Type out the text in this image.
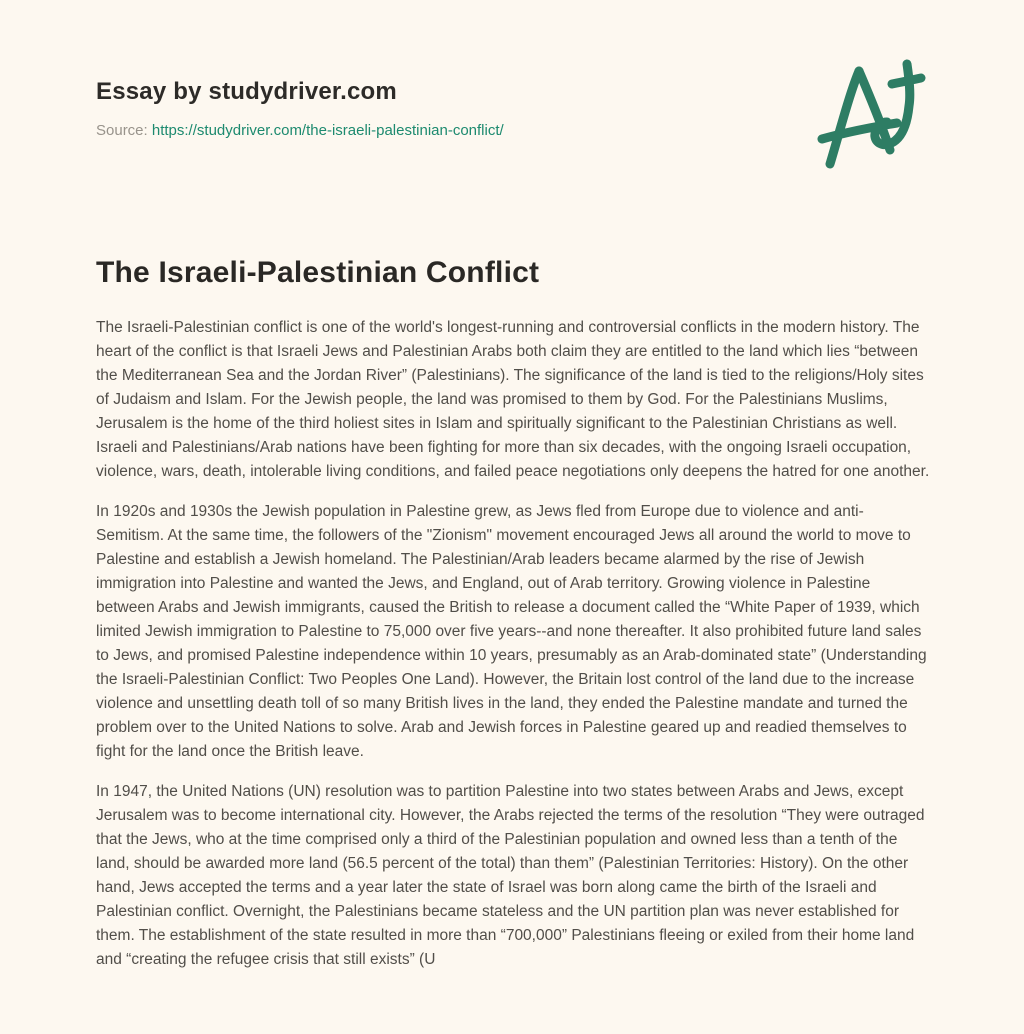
Essay by studydriver.com
Source: https://studydriver.com/the-israeli-palestinian-conflict/
The Israeli-Palestinian Conflict

The Israeli-Palestinian conflict is one of the world's longest-running and controversial conflicts in the modern history. The heart of the conflict is that Israeli Jews and Palestinian Arabs both claim they are entitled to the land which lies “between the Mediterranean Sea and the Jordan River” (Palestinians). The significance of the land is tied to the religions/Holy sites of Judaism and Islam. For the Jewish people, the land was promised to them by God. For the Palestinians Muslims, Jerusalem is the home of the third holiest sites in Islam and spiritually significant to the Palestinian Christians as well. Israeli and Palestinians/Arab nations have been fighting for more than six decades, with the ongoing Israeli occupation, violence, wars, death, intolerable living conditions, and failed peace negotiations only deepens the hatred for one another.

In 1920s and 1930s the Jewish population in Palestine grew, as Jews fled from Europe due to violence and anti-Semitism. At the same time, the followers of the "Zionism" movement encouraged Jews all around the world to move to Palestine and establish a Jewish homeland. The Palestinian/Arab leaders became alarmed by the rise of Jewish immigration into Palestine and wanted the Jews, and England, out of Arab territory. Growing violence in Palestine between Arabs and Jewish immigrants, caused the British to release a document called the “White Paper of 1939, which limited Jewish immigration to Palestine to 75,000 over five years--and none thereafter. It also prohibited future land sales to Jews, and promised Palestine independence within 10 years, presumably as an Arab-dominated state” (Understanding the Israeli-Palestinian Conflict: Two Peoples One Land). However, the Britain lost control of the land due to the increase violence and unsettling death toll of so many British lives in the land, they ended the Palestine mandate and turned the problem over to the United Nations to solve. Arab and Jewish forces in Palestine geared up and readied themselves to fight for the land once the British leave.

In 1947, the United Nations (UN) resolution was to partition Palestine into two states between Arabs and Jews, except Jerusalem was to become international city. However, the Arabs rejected the terms of the resolution “They were outraged that the Jews, who at the time comprised only a third of the Palestinian population and owned less than a tenth of the land, should be awarded more land (56.5 percent of the total) than them” (Palestinian Territories: History). On the other hand, Jews accepted the terms and a year later the state of Israel was born along came the birth of the Israeli and Palestinian conflict. Overnight, the Palestinians became stateless and the UN partition plan was never established for them. The establishment of the state resulted in more than “700,000” Palestinians fleeing or exiled from their home land and “creating the refugee crisis that still exists” (U
